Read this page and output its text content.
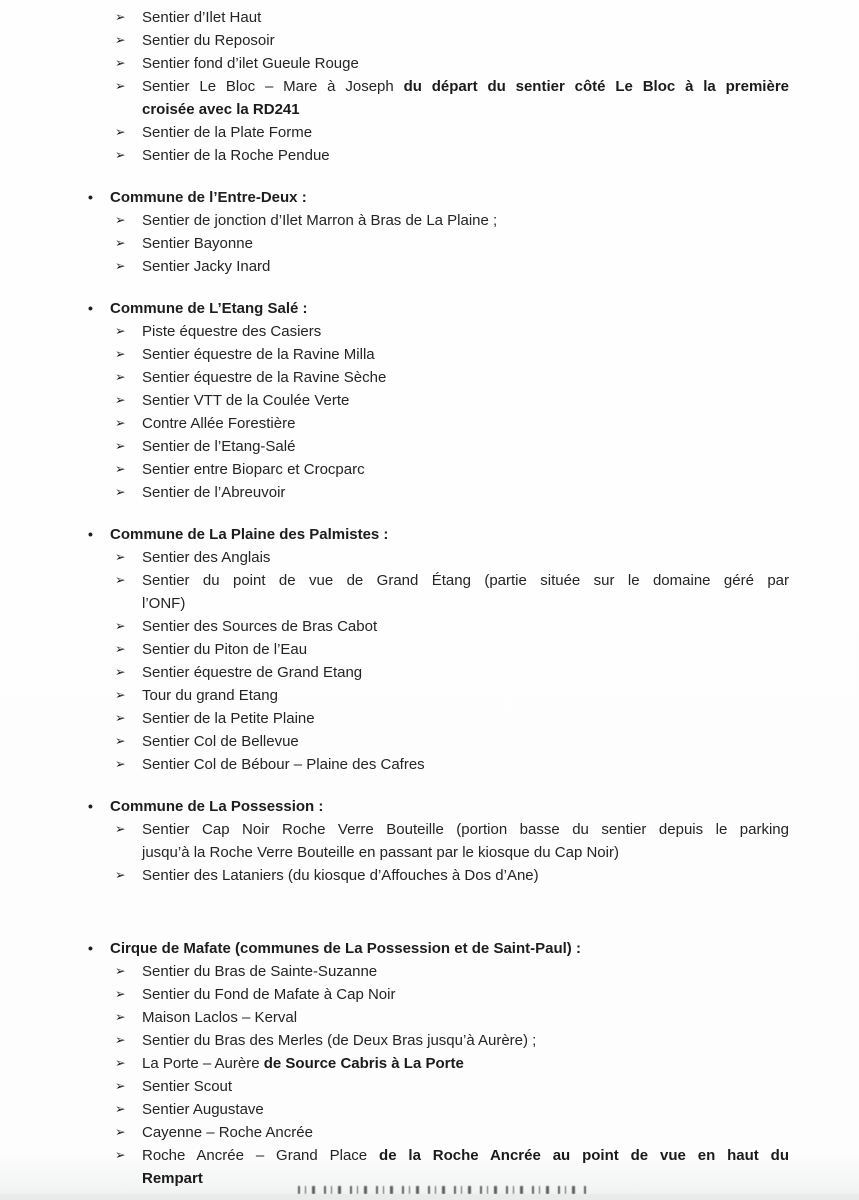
➢ Sentier d’Ilet Haut
➢ Sentier du Reposoir
➢ Sentier fond d’ilet Gueule Rouge
➢ Sentier Le Bloc – Mare à Joseph du départ du sentier côté Le Bloc à la première
croisée avec la RD241
➢ Sentier de la Plate Forme
➢ Sentier de la Roche Pendue
• Commune de l’Entre-Deux :
➢ Sentier de jonction d’Ilet Marron à Bras de La Plaine ;
➢ Sentier Bayonne
➢ Sentier Jacky Inard
• Commune de L’Etang Salé :
➢ Piste équestre des Casiers
➢ Sentier équestre de la Ravine Milla
➢ Sentier équestre de la Ravine Sèche
➢ Sentier VTT de la Coulée Verte
➢ Contre Allée Forestière
➢ Sentier de l’Etang-Salé
➢ Sentier entre Bioparc et Crocparc
➢ Sentier de l’Abreuvoir
• Commune de La Plaine des Palmistes :
➢ Sentier des Anglais
➢ Sentier du point de vue de Grand Étang (partie située sur le domaine géré par
l’ONF)
➢ Sentier des Sources de Bras Cabot
➢ Sentier du Piton de l’Eau
➢ Sentier équestre de Grand Etang
➢ Tour du grand Etang
➢ Sentier de la Petite Plaine
➢ Sentier Col de Bellevue
➢ Sentier Col de Bébour – Plaine des Cafres
• Commune de La Possession :
➢ Sentier Cap Noir Roche Verre Bouteille (portion basse du sentier depuis le parking
jusqu’à la Roche Verre Bouteille en passant par le kiosque du Cap Noir)
➢ Sentier des Lataniers (du kiosque d’Affouches à Dos d’Ane)
• Cirque de Mafate (communes de La Possession et de Saint-Paul) :
➢ Sentier du Bras de Sainte-Suzanne
➢ Sentier du Fond de Mafate à Cap Noir
➢ Maison Laclos – Kerval
➢ Sentier du Bras des Merles (de Deux Bras jusqu’à Aurère) ;
➢ La Porte – Aurère de Source Cabris à La Porte
➢ Sentier Scout
➢ Sentier Augustave
➢ Cayenne – Roche Ancrée
➢ Roche Ancrée – Grand Place de la Roche Ancrée au point de vue en haut du
Rempart
